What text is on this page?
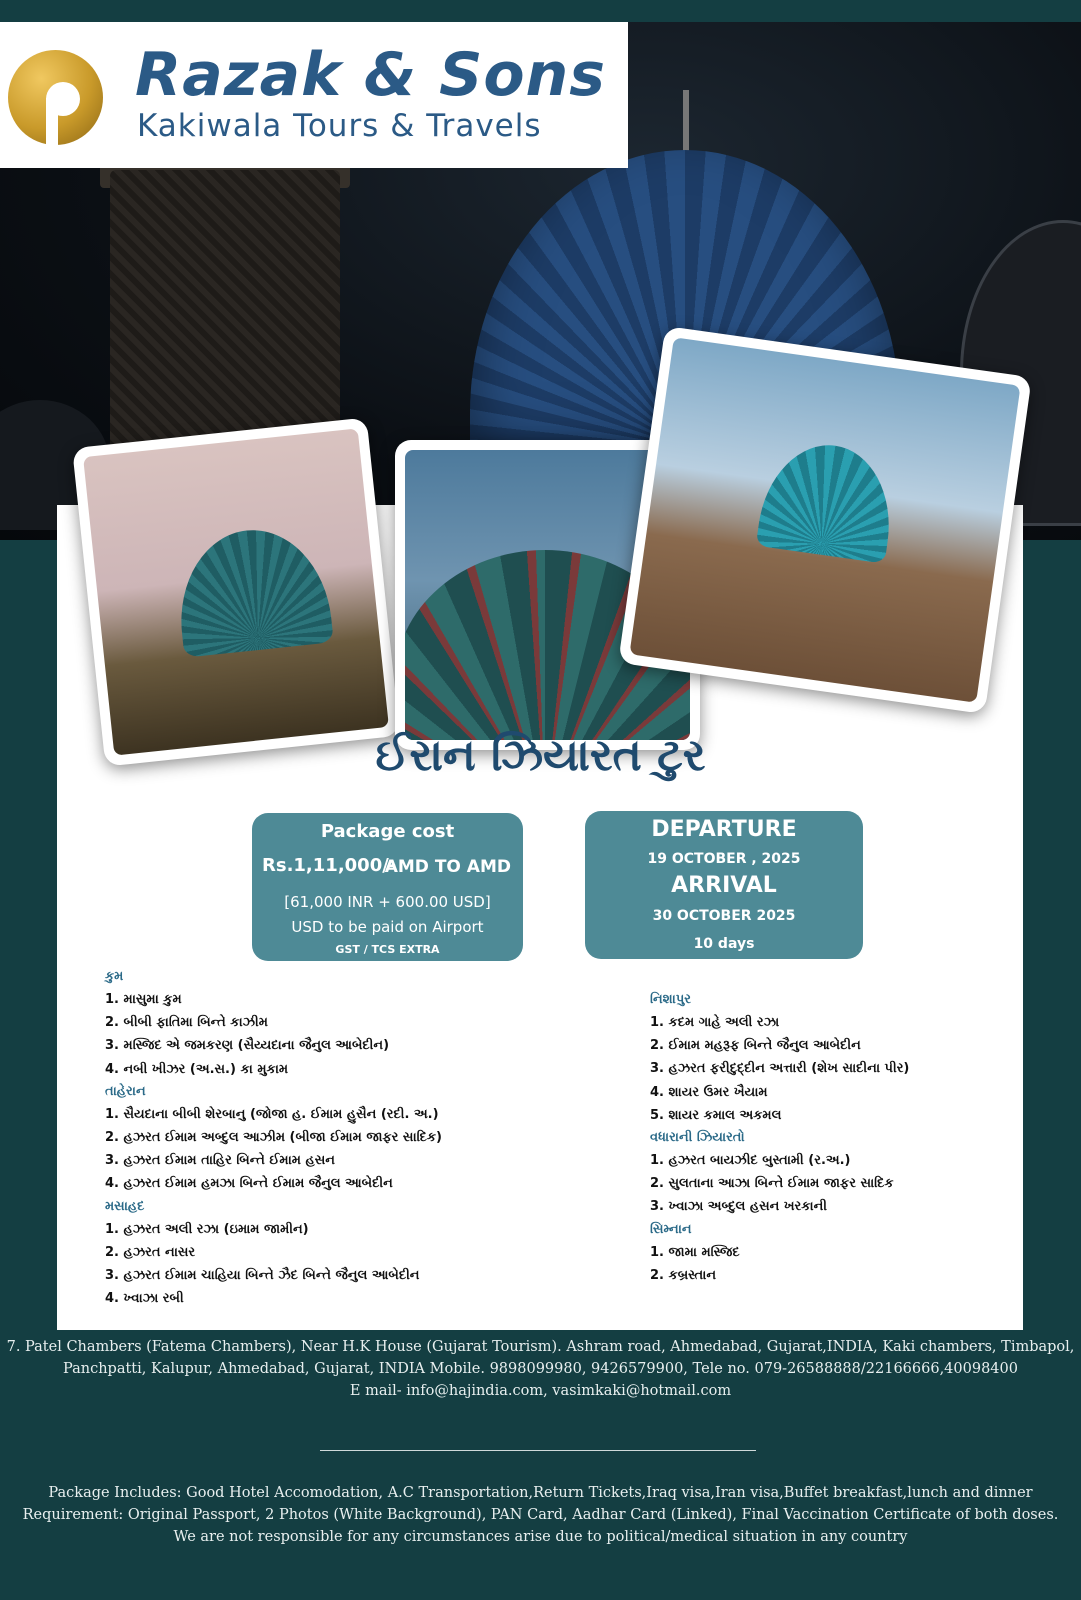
Razak & Sons
Kakiwala Tours & Travels
ઈરાન ઝિયારત ટુર
Package cost
Rs.1,11,000/-
AMD TO AMD
[61,000 INR + 600.00 USD]
USD to be paid on Airport
GST / TCS EXTRA
DEPARTURE
19 OCTOBER , 2025
ARRIVAL
30 OCTOBER 2025
10 days
કુમ
1. માસુમા કુમ
2. બીબી ફાતિમા બિન્તે કાઝીમ
3. મસ્જિદ એ જમકરણ (સૈય્યદાના જૈનુલ આબેદીન)
4. નબી ખીઝર (અ.સ.) કા મુકામ
તાહેરાન
1. સૈયદાના બીબી શેરબાનુ (જોજા હ. ઈમામ હુસૈન (રદી. અ.)
2. હઝરત ઈમામ અબ્દુલ આઝીમ (બીજા ઈમામ જાફર સાદિક)
3. હઝરત ઈમામ તાહિર બિન્તે ઈમામ હસન
4. હઝરત ઈમામ હમઝા બિન્તે ઈમામ જૈનુલ આબેદીન
મસાહદ
1. હઝરત અલી રઝા (ઇમામ જામીન)
2. હઝરત નાસર
3. હઝરત ઈમામ ચાહિયા બિન્તે ઝૈદ બિન્તે જૈનુલ આબેદીન
4. ખ્વાઝા રબી
નિશાપુર
1. કદમ ગાહે અલી રઝા
2. ઈમામ મહરૂફ બિન્તે જૈનુલ આબેદીન
3. હઝરત ફરીદુદ્દીન અત્તારી (શેખ સાદીના પીર)
4. શાયર ઉમર ખૈયામ
5. શાયર કમાલ અકમલ
વધારાની ઝિયારતો
1. હઝરત બાયઝીદ બુસ્તામી (ર.અ.)
2. સુલતાના આઝા બિન્તે ઈમામ જાફર સાદિક
3. ખ્વાઝા અબ્દુલ હસન ખરકાની
સિમ્નાન
1. જામા મસ્જિદ
2. કબ્રસ્તાન
7. Patel Chambers (Fatema Chambers), Near H.K House (Gujarat Tourism). Ashram road, Ahmedabad, Gujarat,INDIA, Kaki chambers, Timbapol, Panchpatti, Kalupur, Ahmedabad, Gujarat, INDIA Mobile. 9898099980, 9426579900, Tele no. 079-26588888/22166666,40098400
E mail- info@hajindia.com, vasimkaki@hotmail.com
Package Includes: Good Hotel Accomodation, A.C Transportation,Return Tickets,Iraq visa,Iran visa,Buffet breakfast,lunch and dinner
Requirement: Original Passport, 2 Photos (White Background), PAN Card, Aadhar Card (Linked), Final Vaccination Certificate of both doses.
We are not responsible for any circumstances arise due to political/medical situation in any country
